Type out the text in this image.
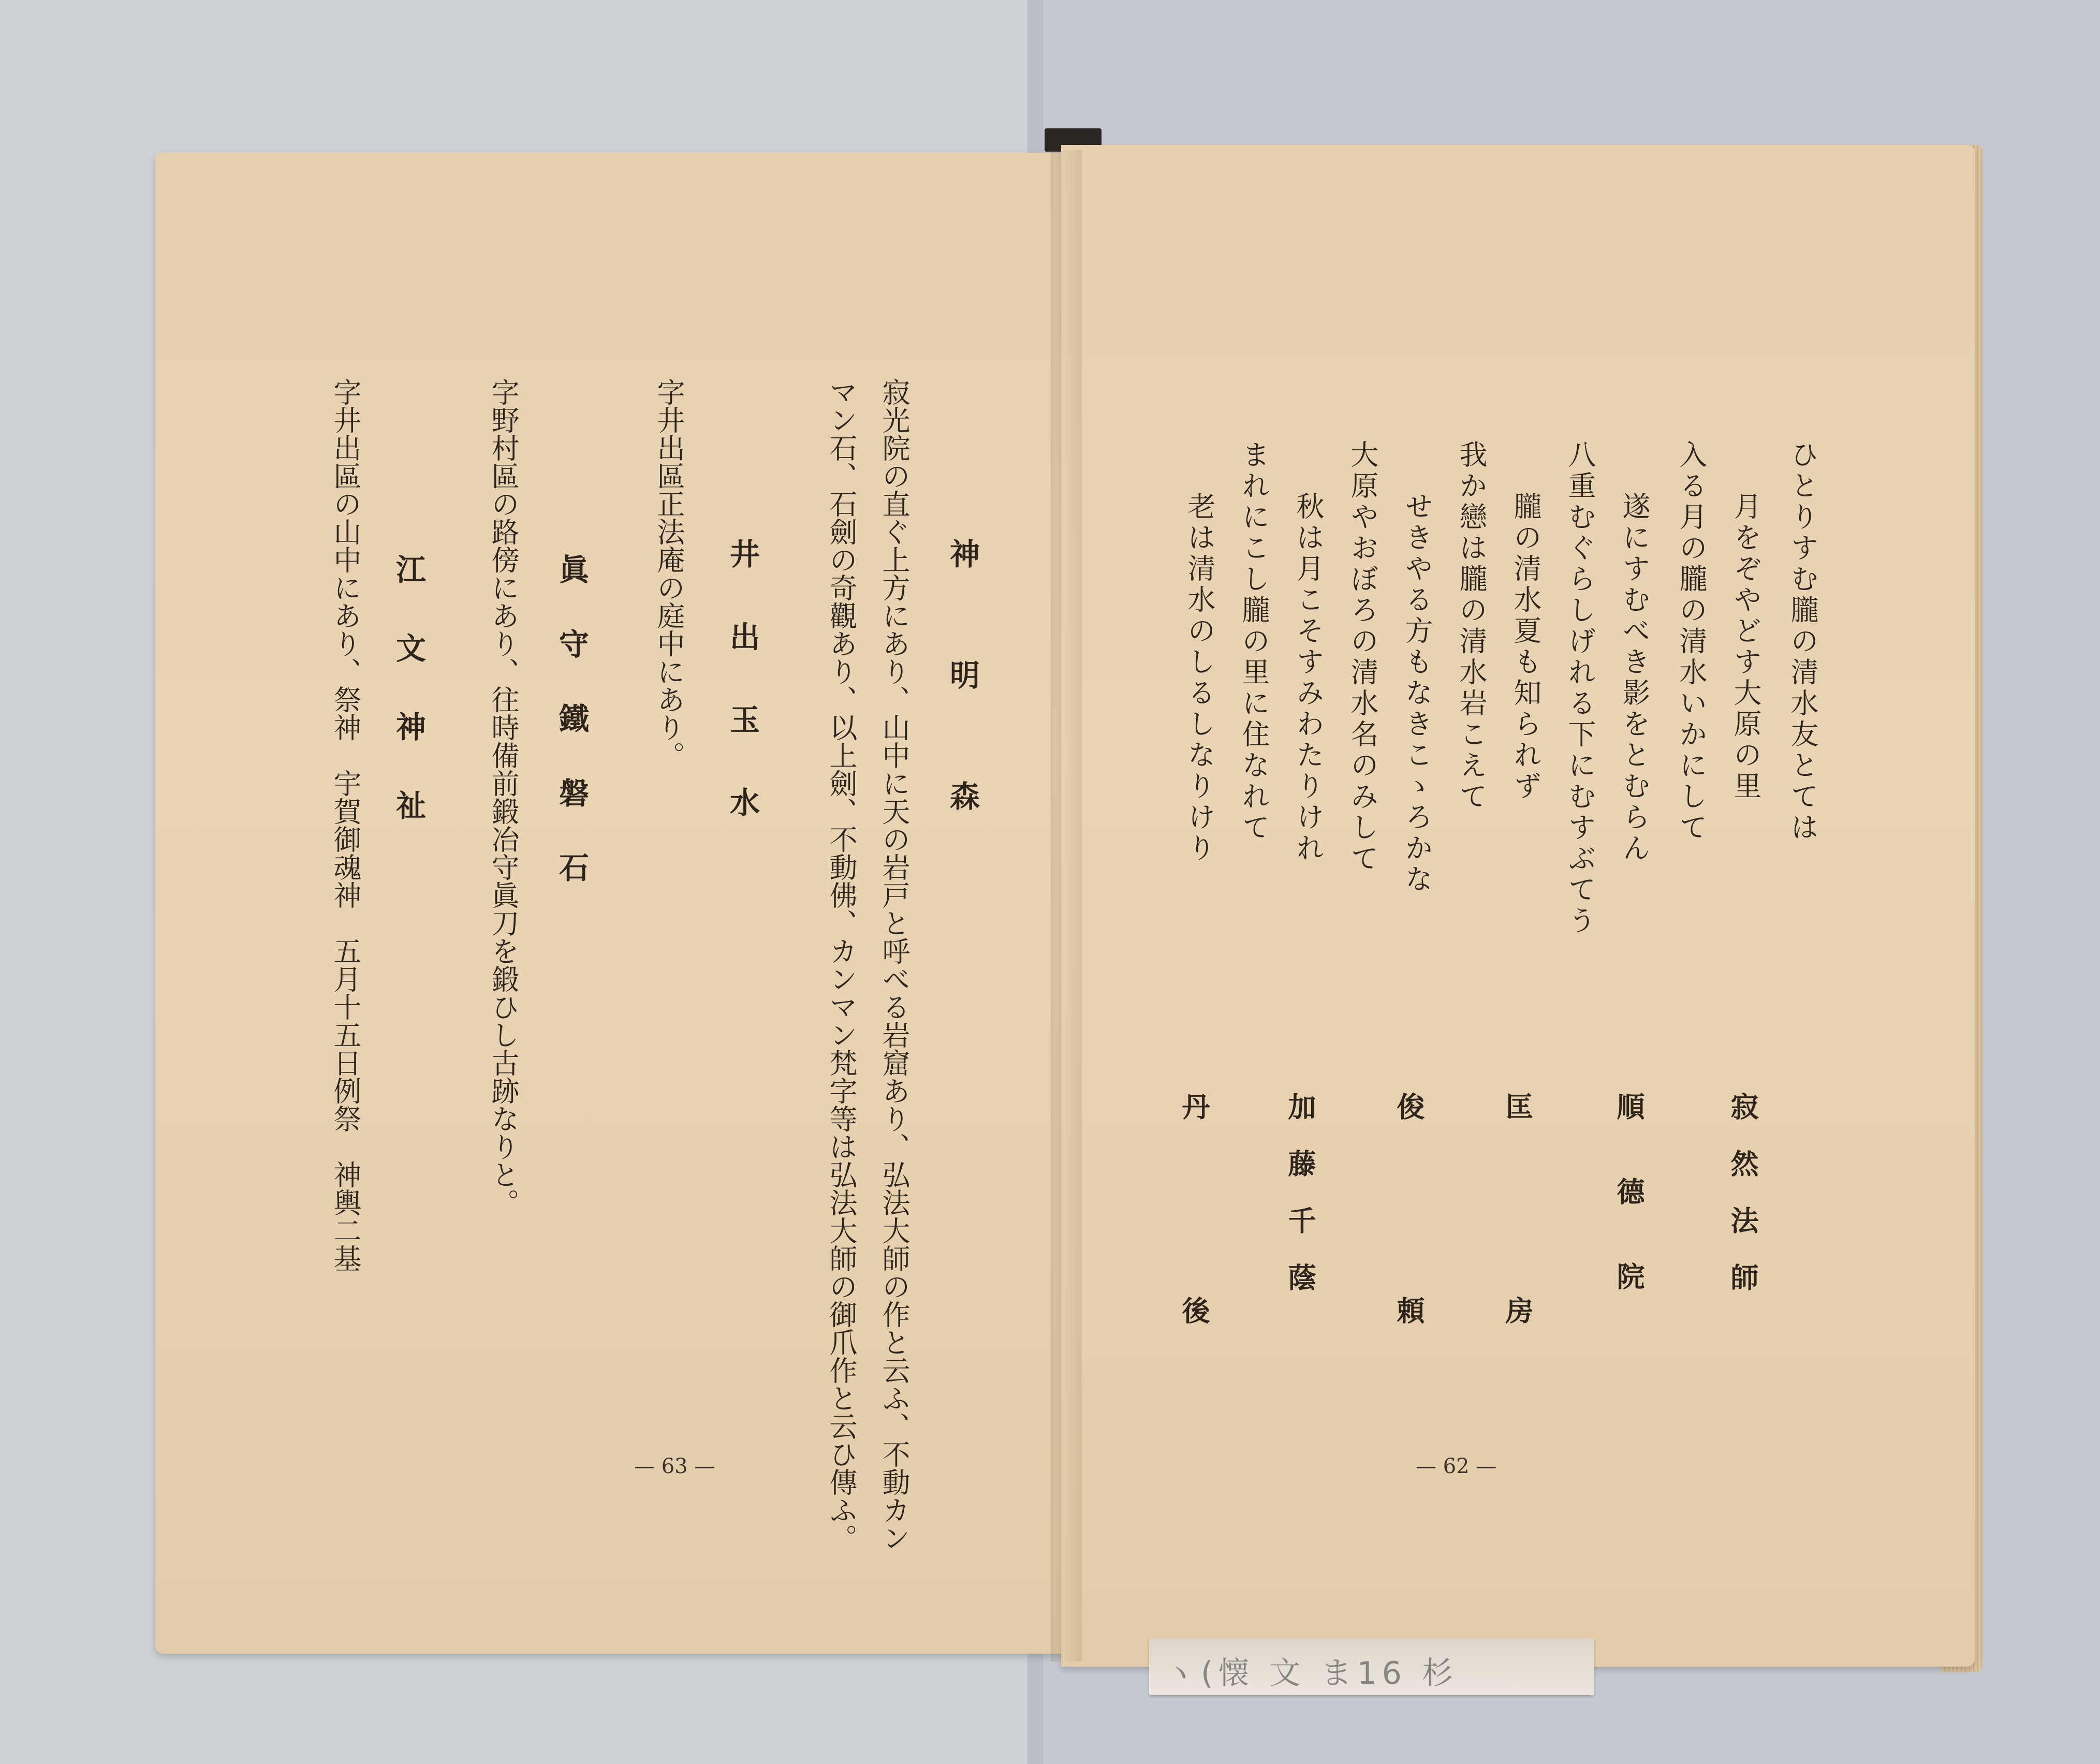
ヽ(懐 文 ま16 杉
神　　明　　森
寂光院の直ぐ上方にあり、山中に天の岩戸と呼べる岩窟あり、弘法大師の作と云ふ、不動カン
マン石、石劍の奇觀あり、以上劍、不動佛、カンマン梵字等は弘法大師の御爪作と云ひ傳ふ。
井　出　玉　水
字井出區正法庵の庭中にあり。
眞　守　鐵　磐　石
字野村區の路傍にあり、往時備前鍛冶守眞刀を鍛ひし古跡なりと。
江　文　神　祉
字井出區の山中にあり、祭神　宇賀御魂神　五月十五日例祭　神輿二基
— 63 —
ひとりすむ朧の清水友とては
月をぞやどす大原の里
入る月の朧の清水いかにして
遂にすむべき影をとむらん
八重むぐらしげれる下にむすぶてう
朧の清水夏も知られず
我か戀は朧の清水岩こえて
せきやる方もなきこゝろかな
大原やおぼろの清水名のみして
秋は月こそすみわたりけれ
まれにこし朧の里に住なれて
老は清水のしるしなりけり
寂然法師
順德院
匡房
俊頼
加藤千蔭
丹後	— 62 —
